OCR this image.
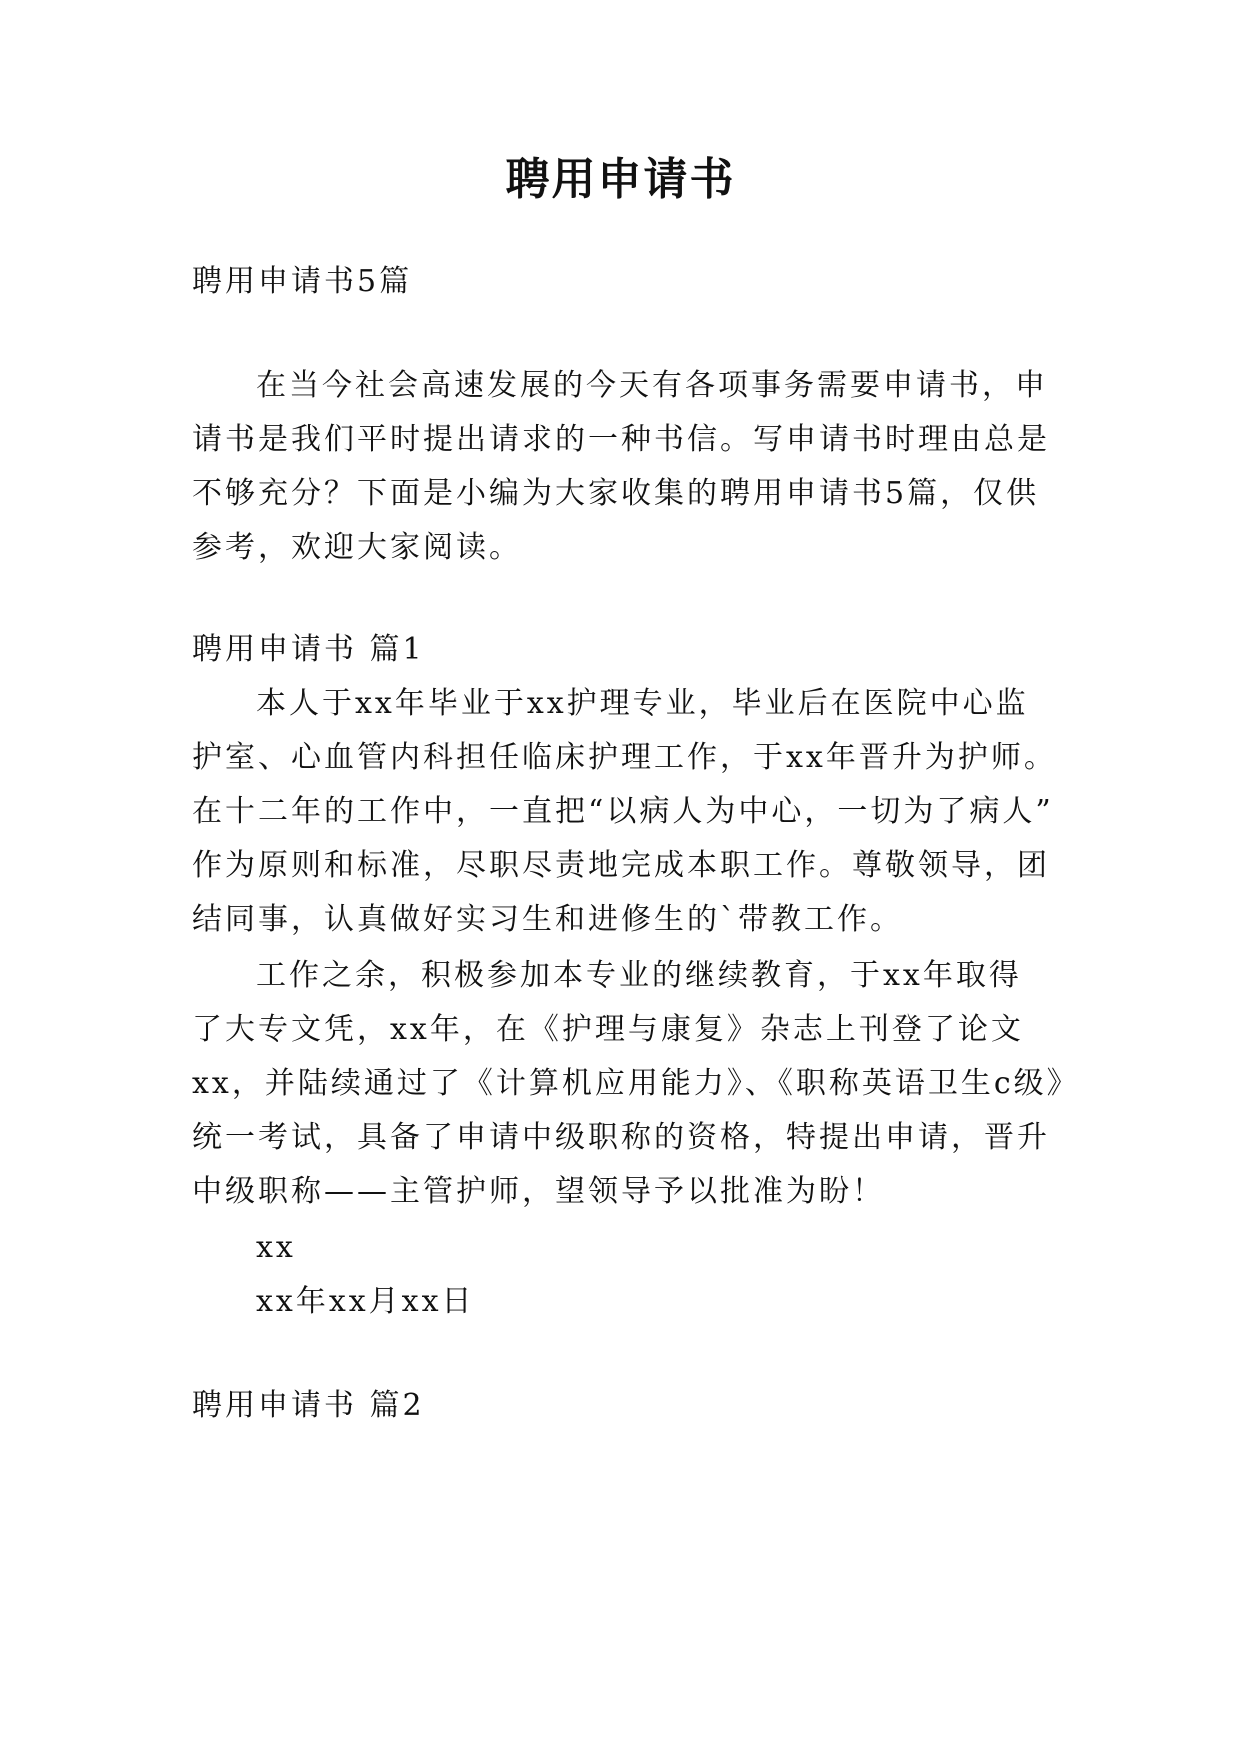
聘用申请书
聘用申请书5篇
在当今社会高速发展的今天有各项事务需要申请书，申
请书是我们平时提出请求的一种书信。写申请书时理由总是
不够充分？下面是小编为大家收集的聘用申请书5篇，仅供
参考，欢迎大家阅读。
聘用申请书 篇1
本人于xx年毕业于xx护理专业，毕业后在医院中心监
护室、心血管内科担任临床护理工作，于xx年晋升为护师。
在十二年的工作中，一直把“以病人为中心，一切为了病人”
作为原则和标准，尽职尽责地完成本职工作。尊敬领导，团
结同事，认真做好实习生和进修生的`带教工作。
工作之余，积极参加本专业的继续教育，于xx年取得
了大专文凭，xx年，在《护理与康复》杂志上刊登了论文
xx，并陆续通过了《计算机应用能力》、《职称英语卫生c级》
统一考试，具备了申请中级职称的资格，特提出申请，晋升
中级职称——主管护师，望领导予以批准为盼！
xx
xx年xx月xx日
聘用申请书 篇2
